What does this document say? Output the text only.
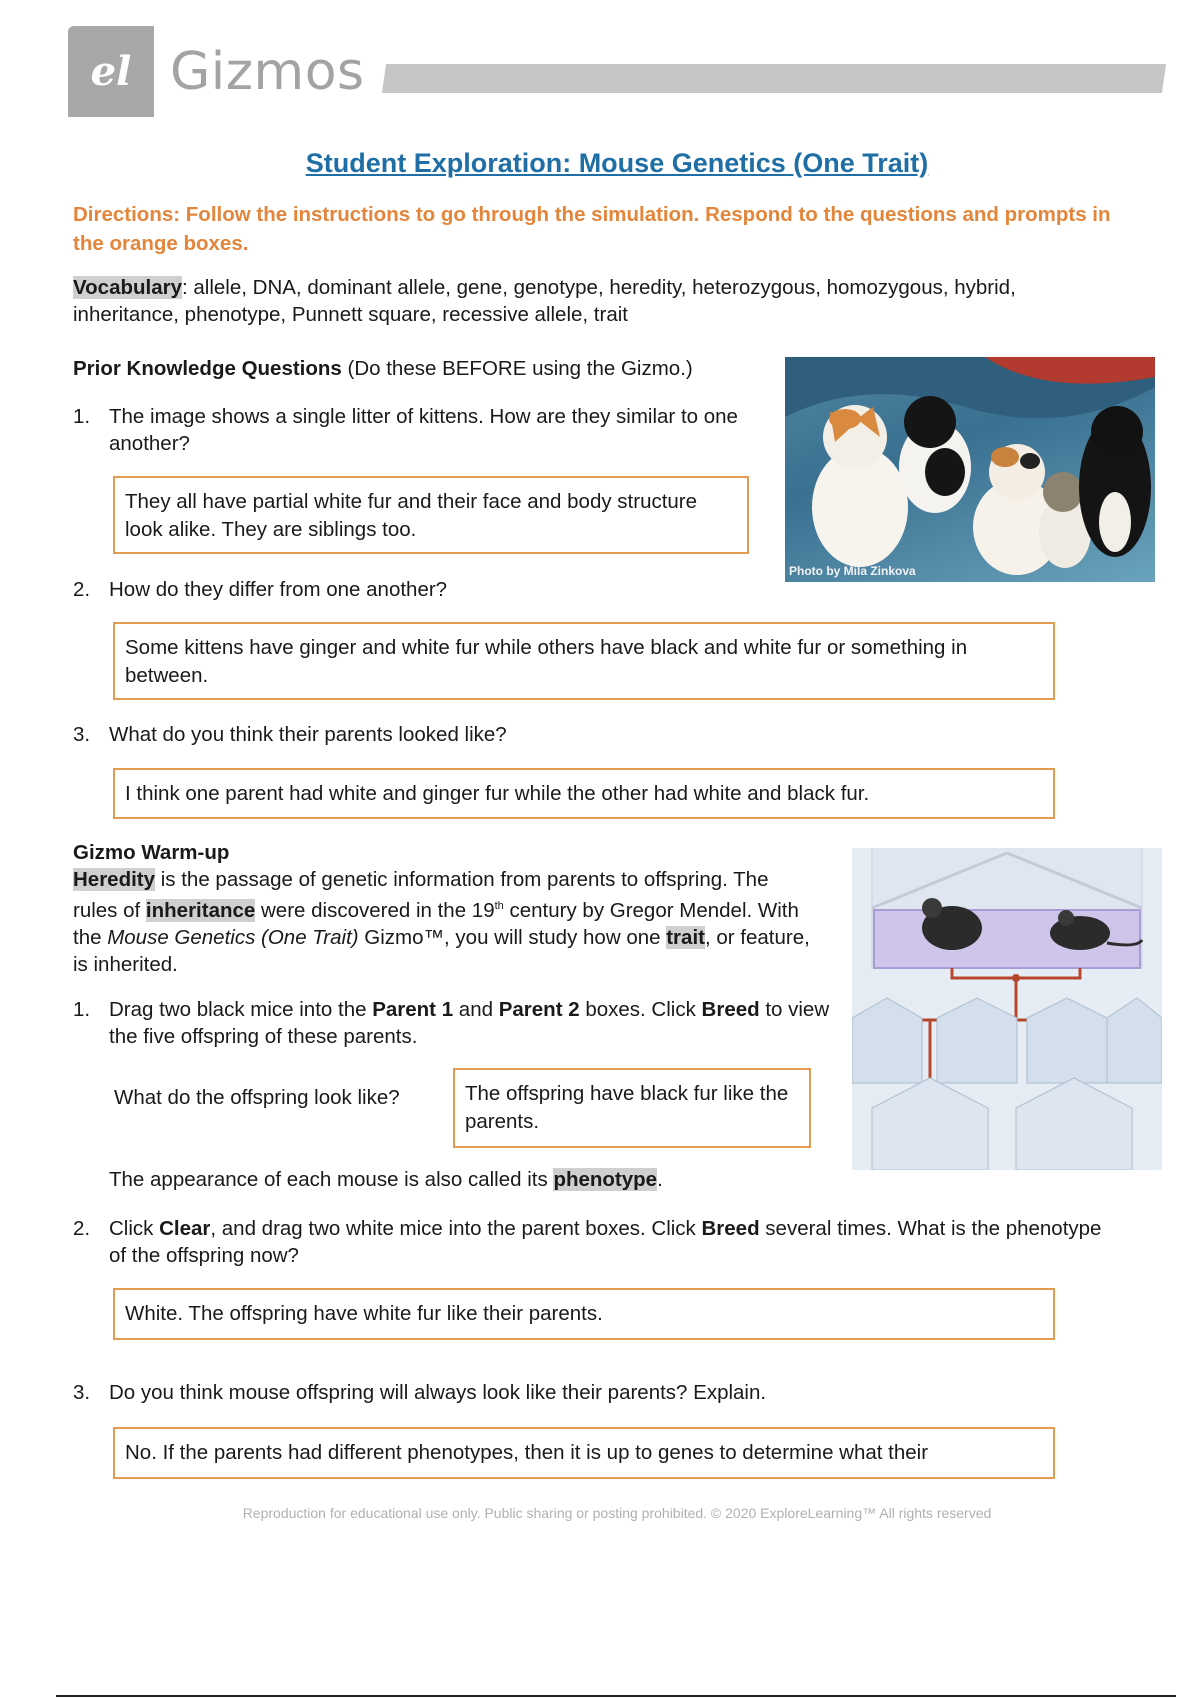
el Gizmos
Student Exploration: Mouse Genetics (One Trait)
Directions: Follow the instructions to go through the simulation. Respond to the questions and prompts in the orange boxes.
Vocabulary: allele, DNA, dominant allele, gene, genotype, heredity, heterozygous, homozygous, hybrid, inheritance, phenotype, Punnett square, recessive allele, trait
Prior Knowledge Questions (Do these BEFORE using the Gizmo.)
Photo by Mila Zinkova
1. The image shows a single litter of kittens. How are they similar to one another?
They all have partial white fur and their face and body structure look alike. They are siblings too.
2. How do they differ from one another?
Some kittens have ginger and white fur while others have black and white fur or something in between.
3. What do you think their parents looked like?
I think one parent had white and ginger fur while the other had white and black fur.
Gizmo Warm-up
Heredity is the passage of genetic information from parents to offspring. The rules of inheritance were discovered in the 19th century by Gregor Mendel. With the Mouse Genetics (One Trait) Gizmo™, you will study how one trait, or feature, is inherited.
1. Drag two black mice into the Parent 1 and Parent 2 boxes. Click Breed to view the five offspring of these parents.
What do the offspring look like?	The offspring have black fur like the parents.
The appearance of each mouse is also called its phenotype.
2. Click Clear, and drag two white mice into the parent boxes. Click Breed several times. What is the phenotype of the offspring now?
White. The offspring have white fur like their parents.
3. Do you think mouse offspring will always look like their parents? Explain.
No. If the parents had different phenotypes, then it is up to genes to determine what their
Reproduction for educational use only. Public sharing or posting prohibited. © 2020 ExploreLearning™ All rights reserved
